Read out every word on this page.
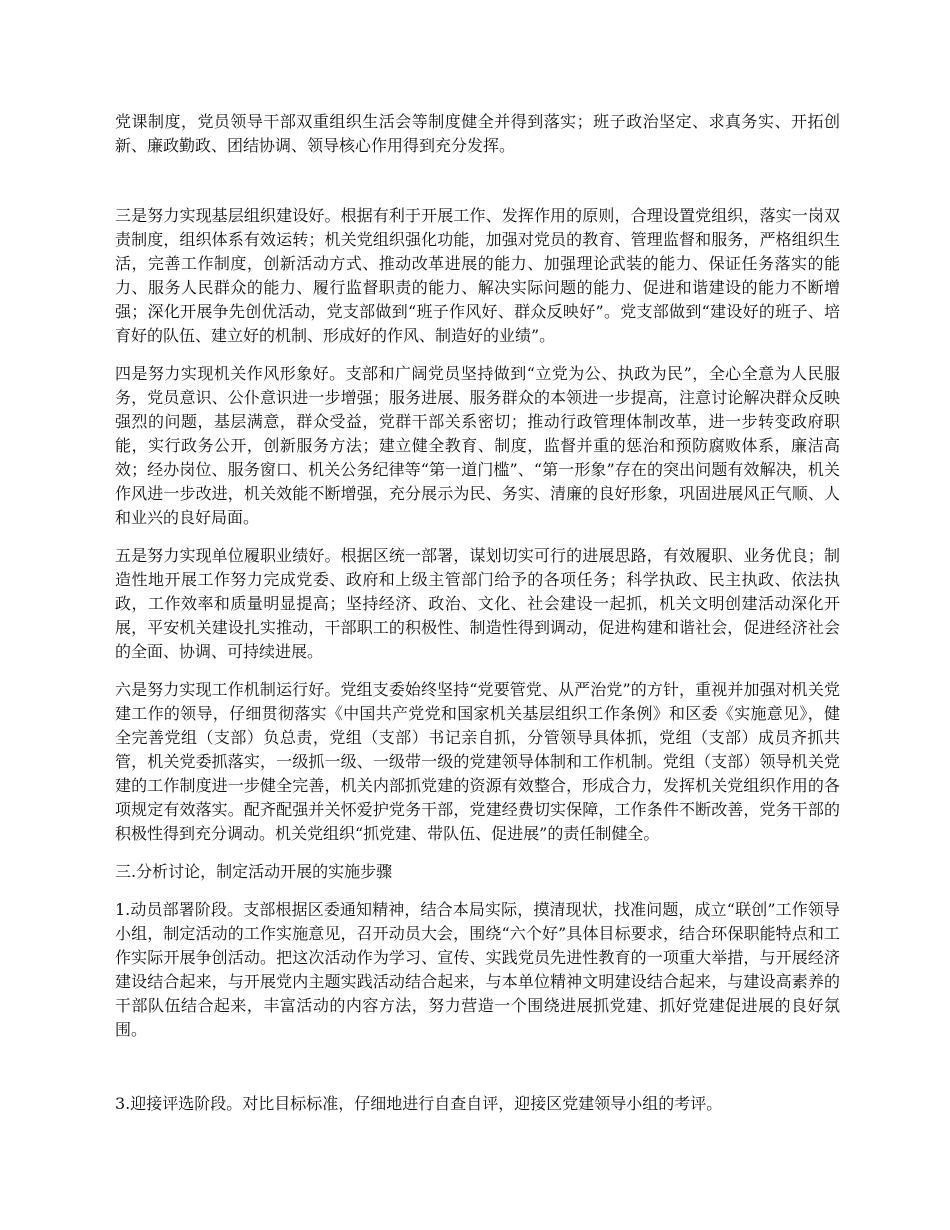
党课制度，党员领导干部双重组织生活会等制度健全并得到落实；班子政治坚定、求真务实、开拓创新、廉政勤政、团结协调、领导核心作用得到充分发挥。

三是努力实现基层组织建设好。根据有利于开展工作、发挥作用的原则，合理设置党组织，落实一岗双责制度，组织体系有效运转；机关党组织强化功能，加强对党员的教育、管理监督和服务，严格组织生活，完善工作制度，创新活动方式、推动改革进展的能力、加强理论武装的能力、保证任务落实的能力、服务人民群众的能力、履行监督职责的能力、解决实际问题的能力、促进和谐建设的能力不断增强；深化开展争先创优活动，党支部做到“班子作风好、群众反映好”。党支部做到“建设好的班子、培育好的队伍、建立好的机制、形成好的作风、制造好的业绩”。

四是努力实现机关作风形象好。支部和广阔党员坚持做到“立党为公、执政为民”，全心全意为人民服务，党员意识、公仆意识进一步增强；服务进展、服务群众的本领进一步提高，注意讨论解决群众反映强烈的问题，基层满意，群众受益，党群干部关系密切；推动行政管理体制改革，进一步转变政府职能，实行政务公开，创新服务方法；建立健全教育、制度，监督并重的惩治和预防腐败体系，廉洁高效；经办岗位、服务窗口、机关公务纪律等“第一道门槛”、“第一形象”存在的突出问题有效解决，机关作风进一步改进，机关效能不断增强，充分展示为民、务实、清廉的良好形象，巩固进展风正气顺、人和业兴的良好局面。

五是努力实现单位履职业绩好。根据区统一部署，谋划切实可行的进展思路，有效履职、业务优良；制造性地开展工作努力完成党委、政府和上级主管部门给予的各项任务；科学执政、民主执政、依法执政，工作效率和质量明显提高；坚持经济、政治、文化、社会建设一起抓，机关文明创建活动深化开展，平安机关建设扎实推动，干部职工的积极性、制造性得到调动，促进构建和谐社会，促进经济社会的全面、协调、可持续进展。

六是努力实现工作机制运行好。党组支委始终坚持“党要管党、从严治党”的方针，重视并加强对机关党建工作的领导，仔细贯彻落实《中国共产党党和国家机关基层组织工作条例》和区委《实施意见》，健全完善党组（支部）负总责，党组（支部）书记亲自抓，分管领导具体抓，党组（支部）成员齐抓共管，机关党委抓落实，一级抓一级、一级带一级的党建领导体制和工作机制。党组（支部）领导机关党建的工作制度进一步健全完善，机关内部抓党建的资源有效整合，形成合力，发挥机关党组织作用的各项规定有效落实。配齐配强并关怀爱护党务干部，党建经费切实保障，工作条件不断改善，党务干部的积极性得到充分调动。机关党组织“抓党建、带队伍、促进展”的责任制健全。

三.分析讨论，制定活动开展的实施步骤

1.动员部署阶段。支部根据区委通知精神，结合本局实际，摸清现状，找准问题，成立“联创”工作领导小组，制定活动的工作实施意见，召开动员大会，围绕“六个好”具体目标要求，结合环保职能特点和工作实际开展争创活动。把这次活动作为学习、宣传、实践党员先进性教育的一项重大举措，与开展经济建设结合起来，与开展党内主题实践活动结合起来，与本单位精神文明建设结合起来，与建设高素养的干部队伍结合起来，丰富活动的内容方法，努力营造一个围绕进展抓党建、抓好党建促进展的良好氛围。

3.迎接评选阶段。对比目标标准，仔细地进行自查自评，迎接区党建领导小组的考评。
